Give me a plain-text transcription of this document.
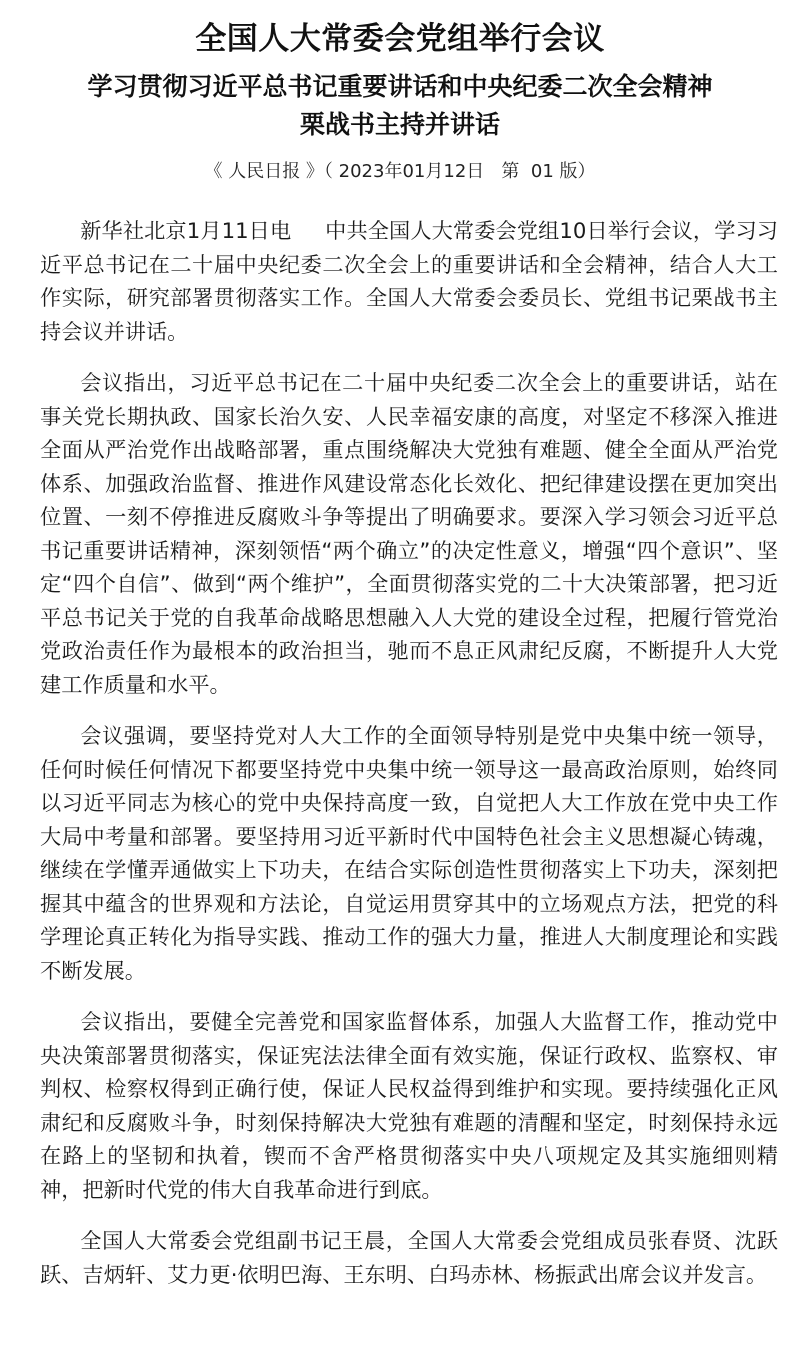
全国人大常委会党组举行会议
学习贯彻习近平总书记重要讲话和中央纪委二次全会精神
栗战书主持并讲话
《 人民日报 》（ 2023年01月12日   第  01 版）

新华社北京1月11日电 中共全国人大常委会党组10日举行会议，学习习近平总书记在二十届中央纪委二次全会上的重要讲话和全会精神，结合人大工作实际，研究部署贯彻落实工作。全国人大常委会委员长、党组书记栗战书主持会议并讲话。

会议指出，习近平总书记在二十届中央纪委二次全会上的重要讲话，站在事关党长期执政、国家长治久安、人民幸福安康的高度，对坚定不移深入推进全面从严治党作出战略部署，重点围绕解决大党独有难题、健全全面从严治党体系、加强政治监督、推进作风建设常态化长效化、把纪律建设摆在更加突出位置、一刻不停推进反腐败斗争等提出了明确要求。要深入学习领会习近平总书记重要讲话精神，深刻领悟“两个确立”的决定性意义，增强“四个意识”、坚定“四个自信”、做到“两个维护”，全面贯彻落实党的二十大决策部署，把习近平总书记关于党的自我革命战略思想融入人大党的建设全过程，把履行管党治党政治责任作为最根本的政治担当，驰而不息正风肃纪反腐，不断提升人大党建工作质量和水平。

会议强调，要坚持党对人大工作的全面领导特别是党中央集中统一领导，任何时候任何情况下都要坚持党中央集中统一领导这一最高政治原则，始终同以习近平同志为核心的党中央保持高度一致，自觉把人大工作放在党中央工作大局中考量和部署。要坚持用习近平新时代中国特色社会主义思想凝心铸魂，继续在学懂弄通做实上下功夫，在结合实际创造性贯彻落实上下功夫，深刻把握其中蕴含的世界观和方法论，自觉运用贯穿其中的立场观点方法，把党的科学理论真正转化为指导实践、推动工作的强大力量，推进人大制度理论和实践不断发展。

会议指出，要健全完善党和国家监督体系，加强人大监督工作，推动党中央决策部署贯彻落实，保证宪法法律全面有效实施，保证行政权、监察权、审判权、检察权得到正确行使，保证人民权益得到维护和实现。要持续强化正风肃纪和反腐败斗争，时刻保持解决大党独有难题的清醒和坚定，时刻保持永远在路上的坚韧和执着，锲而不舍严格贯彻落实中央八项规定及其实施细则精神，把新时代党的伟大自我革命进行到底。

全国人大常委会党组副书记王晨，全国人大常委会党组成员张春贤、沈跃跃、吉炳轩、艾力更·依明巴海、王东明、白玛赤林、杨振武出席会议并发言。
